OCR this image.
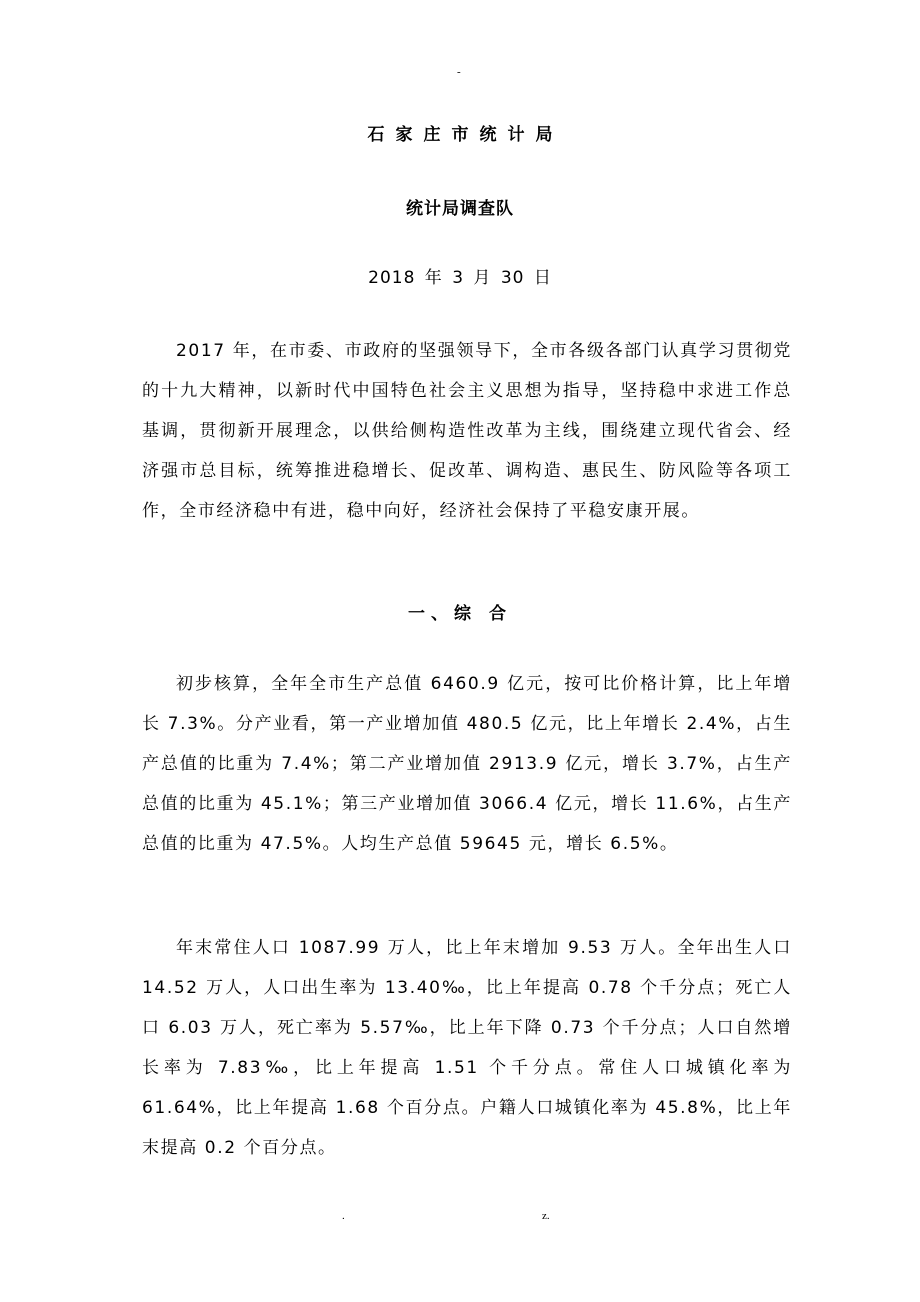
-
石家庄市统计局
统计局调查队
2018 年 3 月 30 日

2017 年，在市委、市政府的坚强领导下，全市各级各部门认真学习贯彻党的十九大精神，以新时代中国特色社会主义思想为指导，坚持稳中求进工作总基调，贯彻新开展理念，以供给侧构造性改革为主线，围绕建立现代省会、经济强市总目标，统筹推进稳增长、促改革、调构造、惠民生、防风险等各项工作，全市经济稳中有进，稳中向好，经济社会保持了平稳安康开展。

一、综 合

初步核算，全年全市生产总值 6460.9 亿元，按可比价格计算，比上年增长 7.3%。分产业看，第一产业增加值 480.5 亿元，比上年增长 2.4%，占生产总值的比重为 7.4%；第二产业增加值 2913.9 亿元，增长 3.7%，占生产总值的比重为 45.1%；第三产业增加值 3066.4 亿元，增长 11.6%，占生产总值的比重为 47.5%。人均生产总值 59645 元，增长 6.5%。

年末常住人口 1087.99 万人，比上年末增加 9.53 万人。全年出生人口 14.52 万人，人口出生率为 13.40‰，比上年提高 0.78 个千分点；死亡人口 6.03 万人，死亡率为 5.57‰，比上年下降 0.73 个千分点；人口自然增长率为 7.83‰，比上年提高 1.51 个千分点。常住人口城镇化率为 61.64%，比上年提高 1.68 个百分点。户籍人口城镇化率为 45.8%，比上年末提高 0.2 个百分点。

.	z.
